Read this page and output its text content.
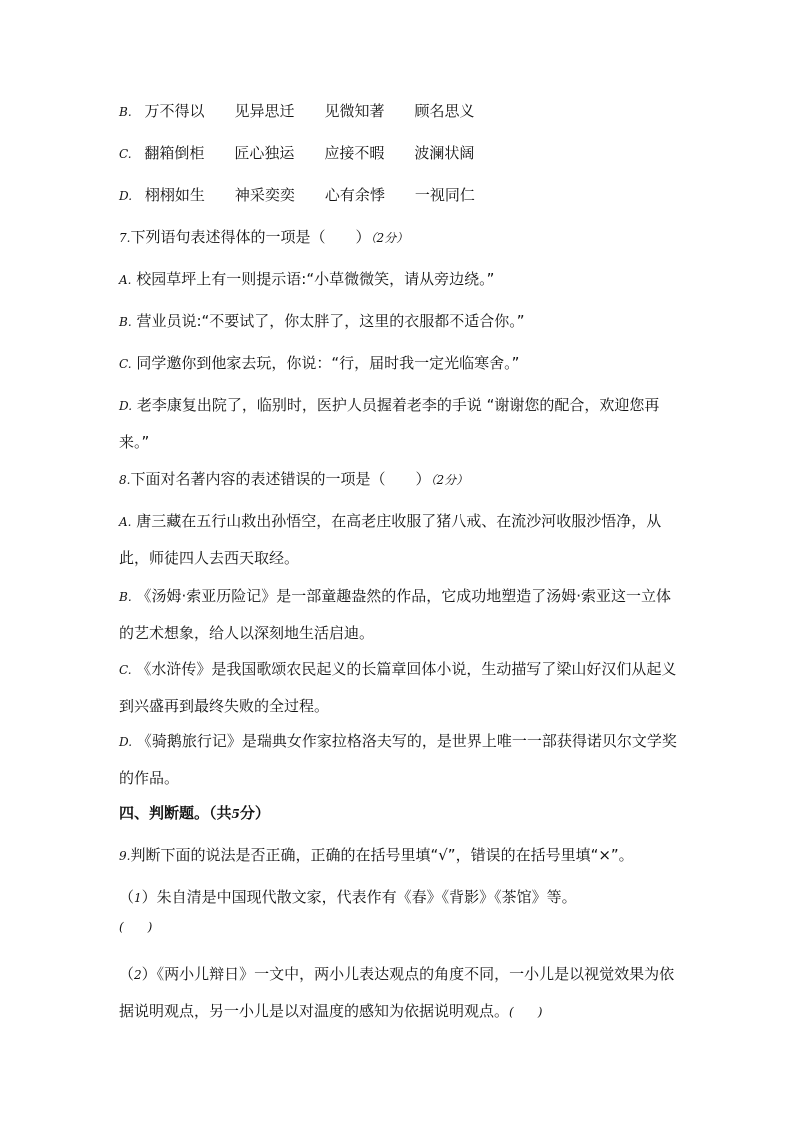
B. 万不得以 见异思迁 见微知著 顾名思义
C. 翻箱倒柜 匠心独运 应接不暇 波澜状阔
D. 栩栩如生 神采奕奕 心有余悸 一视同仁
7.下列语句表述得体的一项是（　　）（2分）
A. 校园草坪上有一则提示语:“小草微微笑，请从旁边绕。”
B. 营业员说:“不要试了，你太胖了，这里的衣服都不适合你。”
C. 同学邀你到他家去玩，你说：“行，届时我一定光临寒舍。”
D. 老李康复出院了，临别时，医护人员握着老李的手说 “谢谢您的配合，欢迎您再来。”
8.下面对名著内容的表述错误的一项是（　　）（2分）
A. 唐三藏在五行山救出孙悟空，在高老庄收服了猪八戒、在流沙河收服沙悟净，从此，师徒四人去西天取经。
B. 《汤姆·索亚历险记》是一部童趣盎然的作品，它成功地塑造了汤姆·索亚这一立体的艺术想象，给人以深刻地生活启迪。
C. 《水浒传》是我国歌颂农民起义的长篇章回体小说，生动描写了梁山好汉们从起义到兴盛再到最终失败的全过程。
D. 《骑鹅旅行记》是瑞典女作家拉格洛夫写的，是世界上唯一一部获得诺贝尔文学奖的作品。
四、判断题。（共5分）
9.判断下面的说法是否正确，正确的在括号里填“√”，错误的在括号里填“×”。
（1）朱自清是中国现代散文家，代表作有《春》《背影》《茶馆》等。
(　　)
（2）《两小儿辩日》一文中，两小儿表达观点的角度不同，一小儿是以视觉效果为依据说明观点，另一小儿是以对温度的感知为依据说明观点。(　　)
